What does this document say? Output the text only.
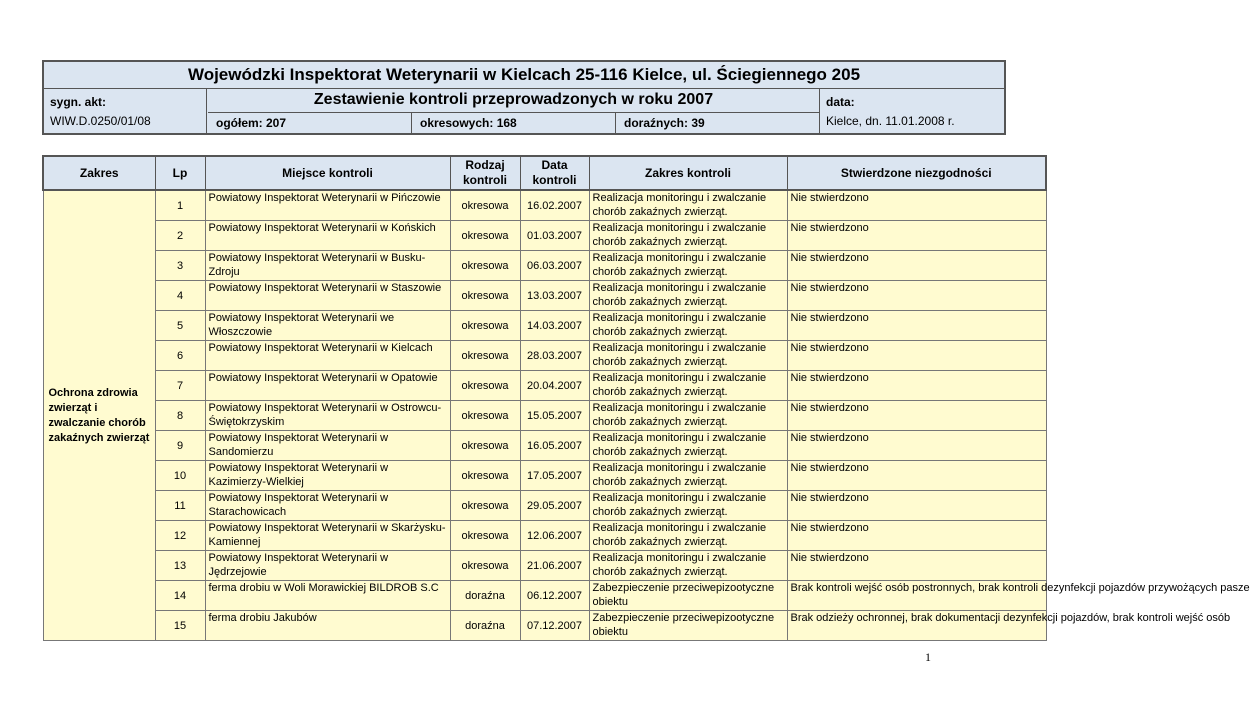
Wojewódzki Inspektorat Weterynarii w Kielcach 25-116 Kielce, ul. Ściegiennego 205
sygn. akt:
WIW.D.0250/01/08
Zestawienie kontroli przeprowadzonych w roku 2007
ogółem: 207	okresowych: 168	doraźnych: 39
data:
Kielce, dn. 11.01.2008 r.
Zakres	Lp	Miejsce kontroli	Rodzaj kontroli	Data kontroli	Zakres kontroli	Stwierdzone niezgodności
Ochrona zdrowia zwierząt i zwalczanie chorób zakaźnych zwierząt	1	Powiatowy Inspektorat Weterynarii w Pińczowie	okresowa	16.02.2007	Realizacja monitoringu i zwalczanie chorób zakaźnych zwierząt.	Nie stwierdzono
	2	Powiatowy Inspektorat Weterynarii w Końskich	okresowa	01.03.2007	Realizacja monitoringu i zwalczanie chorób zakaźnych zwierząt.	Nie stwierdzono
	3	Powiatowy Inspektorat Weterynarii w Busku-Zdroju	okresowa	06.03.2007	Realizacja monitoringu i zwalczanie chorób zakaźnych zwierząt.	Nie stwierdzono
	4	Powiatowy Inspektorat Weterynarii w Staszowie	okresowa	13.03.2007	Realizacja monitoringu i zwalczanie chorób zakaźnych zwierząt.	Nie stwierdzono
	5	Powiatowy Inspektorat Weterynarii we Włoszczowie	okresowa	14.03.2007	Realizacja monitoringu i zwalczanie chorób zakaźnych zwierząt.	Nie stwierdzono
	6	Powiatowy Inspektorat Weterynarii w Kielcach	okresowa	28.03.2007	Realizacja monitoringu i zwalczanie chorób zakaźnych zwierząt.	Nie stwierdzono
	7	Powiatowy Inspektorat Weterynarii w Opatowie	okresowa	20.04.2007	Realizacja monitoringu i zwalczanie chorób zakaźnych zwierząt.	Nie stwierdzono
	8	Powiatowy Inspektorat Weterynarii w Ostrowcu-Świętokrzyskim	okresowa	15.05.2007	Realizacja monitoringu i zwalczanie chorób zakaźnych zwierząt.	Nie stwierdzono
	9	Powiatowy Inspektorat Weterynarii w Sandomierzu	okresowa	16.05.2007	Realizacja monitoringu i zwalczanie chorób zakaźnych zwierząt.	Nie stwierdzono
	10	Powiatowy Inspektorat Weterynarii w Kazimierzy-Wielkiej	okresowa	17.05.2007	Realizacja monitoringu i zwalczanie chorób zakaźnych zwierząt.	Nie stwierdzono
	11	Powiatowy Inspektorat Weterynarii w Starachowicach	okresowa	29.05.2007	Realizacja monitoringu i zwalczanie chorób zakaźnych zwierząt.	Nie stwierdzono
	12	Powiatowy Inspektorat Weterynarii w Skarżysku-Kamiennej	okresowa	12.06.2007	Realizacja monitoringu i zwalczanie chorób zakaźnych zwierząt.	Nie stwierdzono
	13	Powiatowy Inspektorat Weterynarii w Jędrzejowie	okresowa	21.06.2007	Realizacja monitoringu i zwalczanie chorób zakaźnych zwierząt.	Nie stwierdzono
	14	ferma drobiu w Woli Morawickiej BILDROB S.C	doraźna	06.12.2007	Zabezpieczenie przeciwepizootyczne obiektu	Brak kontroli wejść osób postronnych, brak kontroli dezynfekcji pojazdów przywożących pasze
	15	ferma drobiu Jakubów	doraźna	07.12.2007	Zabezpieczenie przeciwepizootyczne obiektu	Brak odzieży ochronnej, brak dokumentacji dezynfekcji pojazdów, brak kontroli wejść osób
1
